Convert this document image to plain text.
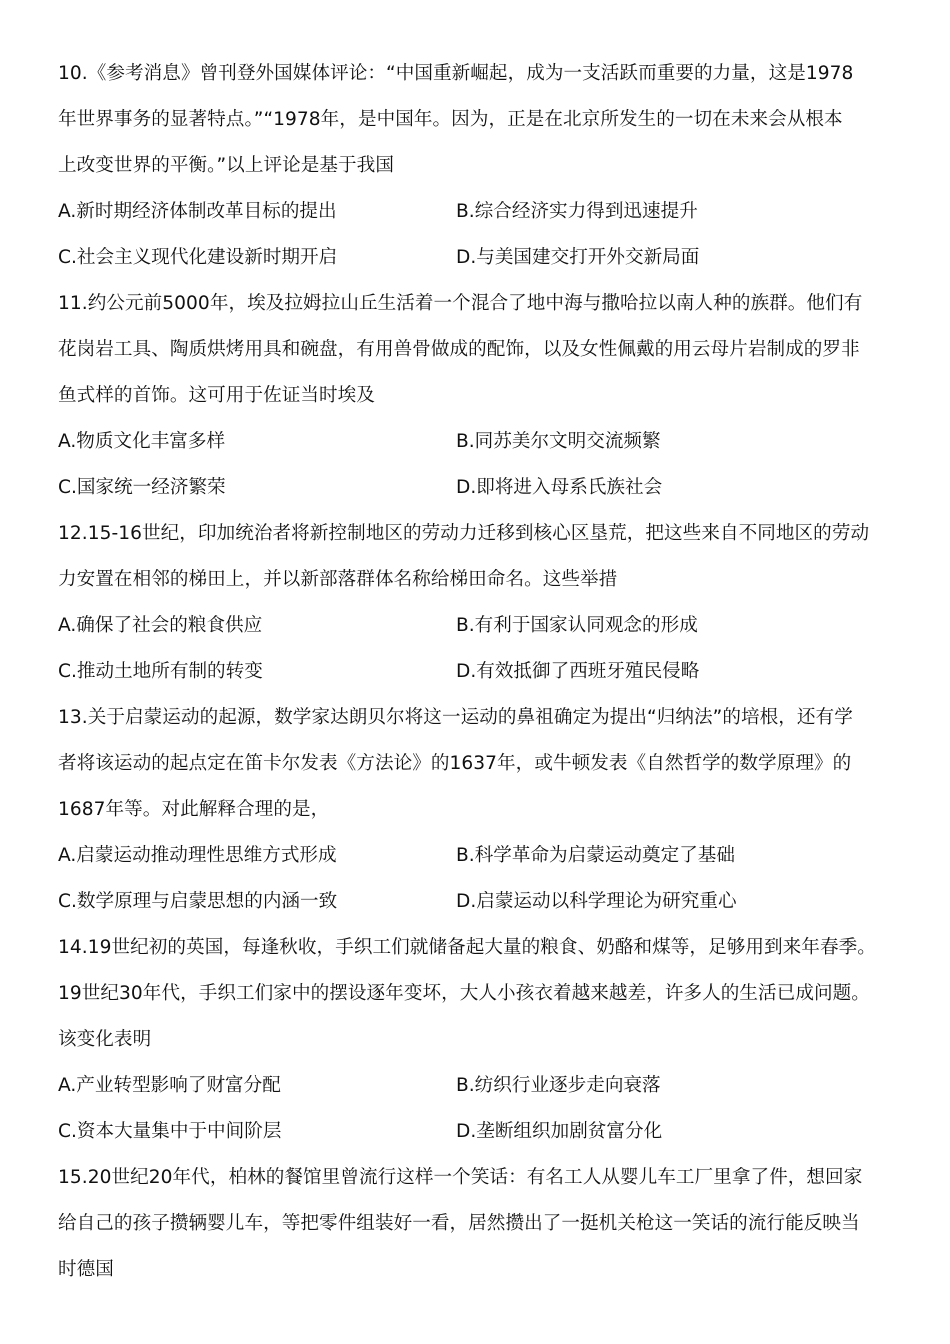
10.《参考消息》曾刊登外国媒体评论：“中国重新崛起，成为一支活跃而重要的力量，这是1978
年世界事务的显著特点。”“1978年，是中国年。因为，正是在北京所发生的一切在未来会从根本
上改变世界的平衡。”以上评论是基于我国
A.新时期经济体制改革目标的提出	B.综合经济实力得到迅速提升
C.社会主义现代化建设新时期开启	D.与美国建交打开外交新局面
11.约公元前5000年，埃及拉姆拉山丘生活着一个混合了地中海与撒哈拉以南人种的族群。他们有
花岗岩工具、陶质烘烤用具和碗盘，有用兽骨做成的配饰，以及女性佩戴的用云母片岩制成的罗非
鱼式样的首饰。这可用于佐证当时埃及
A.物质文化丰富多样	B.同苏美尔文明交流频繁
C.国家统一经济繁荣	D.即将进入母系氏族社会
12.15-16世纪，印加统治者将新控制地区的劳动力迁移到核心区垦荒，把这些来自不同地区的劳动
力安置在相邻的梯田上，并以新部落群体名称给梯田命名。这些举措
A.确保了社会的粮食供应	B.有利于国家认同观念的形成
C.推动土地所有制的转变	D.有效抵御了西班牙殖民侵略
13.关于启蒙运动的起源，数学家达朗贝尔将这一运动的鼻祖确定为提出“归纳法”的培根，还有学
者将该运动的起点定在笛卡尔发表《方法论》的1637年，或牛顿发表《自然哲学的数学原理》的
1687年等。对此解释合理的是，
A.启蒙运动推动理性思维方式形成	B.科学革命为启蒙运动奠定了基础
C.数学原理与启蒙思想的内涵一致	D.启蒙运动以科学理论为研究重心
14.19世纪初的英国，每逢秋收，手织工们就储备起大量的粮食、奶酪和煤等，足够用到来年春季。
19世纪30年代，手织工们家中的摆设逐年变坏，大人小孩衣着越来越差，许多人的生活已成问题。
该变化表明
A.产业转型影响了财富分配	B.纺织行业逐步走向衰落
C.资本大量集中于中间阶层	D.垄断组织加剧贫富分化
15.20世纪20年代，柏林的餐馆里曾流行这样一个笑话：有名工人从婴儿车工厂里拿了件，想回家
给自己的孩子攒辆婴儿车，等把零件组装好一看，居然攒出了一挺机关枪这一笑话的流行能反映当
时德国
